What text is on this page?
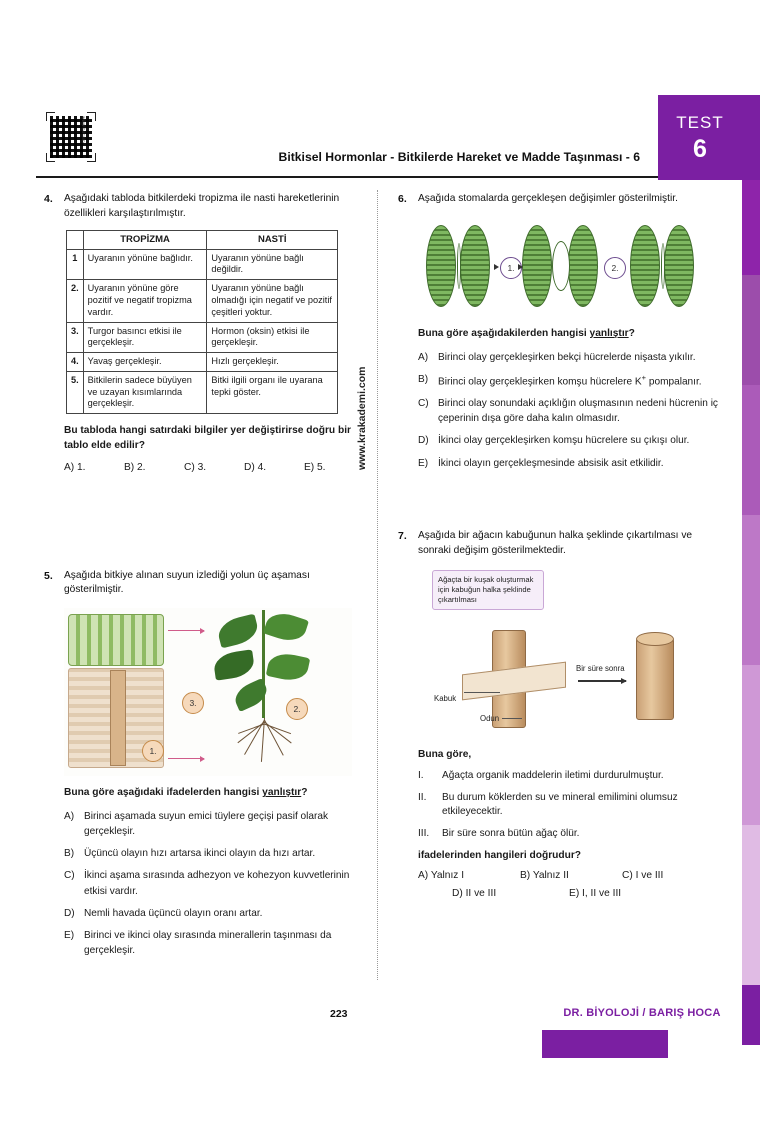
TEST
6
www.hocam
Bitkisel Hormonlar - Bitkilerde Hareket ve Madde Taşınması - 6
www.krakademi.com
4.	Aşağıdaki tabloda bitkilerdeki tropizma ile nasti hareketlerinin özellikleri karşılaştırılmıştır.
	TROPİZMA	NASTİ
1	Uyaranın yönüne bağlıdır.	Uyaranın yönüne bağlı değildir.
2.	Uyaranın yönüne göre pozitif ve negatif tropizma vardır.	Uyaranın yönüne bağlı olmadığı için negatif ve pozitif çeşitleri yoktur.
3.	Turgor basıncı etkisi ile gerçekleşir.	Hormon (oksin) etkisi ile gerçekleşir.
4.	Yavaş gerçekleşir.	Hızlı gerçekleşir.
5.	Bitkilerin sadece büyüyen ve uzayan kısımlarında gerçekleşir.	Bitki ilgili organı ile uyarana tepki göster.
Bu tabloda hangi satırdaki bilgiler yer değiştirirse doğru bir tablo elde edilir?
A) 1.	B) 2.	C) 3.	D) 4.	E) 5.
5.	Aşağıda bitkiye alınan suyun izlediği yolun üç aşaması gösterilmiştir.
1.
2.
3.
Buna göre aşağıdaki ifadelerden hangisi yanlıştır?
A) Birinci aşamada suyun emici tüylere geçişi pasif olarak gerçekleşir.
B) Üçüncü olayın hızı artarsa ikinci olayın da hızı artar.
C) İkinci aşama sırasında adhezyon ve kohezyon kuvvetlerinin etkisi vardır.
D) Nemli havada üçüncü olayın oranı artar.
E) Birinci ve ikinci olay sırasında minerallerin taşınması da gerçekleşir.
6.	Aşağıda stomalarda gerçekleşen değişimler gösterilmiştir.
1.	2.
Buna göre aşağıdakilerden hangisi yanlıştır?
A) Birinci olay gerçekleşirken bekçi hücrelerde nişasta yıkılır.
B) Birinci olay gerçekleşirken komşu hücrelere K+ pompalanır.
C) Birinci olay sonundaki açıklığın oluşmasının nedeni hücrenin iç çeperinin dışa göre daha kalın olmasıdır.
D) İkinci olay gerçekleşirken komşu hücrelere su çıkışı olur.
E) İkinci olayın gerçekleşmesinde absisik asit etkilidir.
7.	Aşağıda bir ağacın kabuğunun halka şeklinde çıkartılması ve sonraki değişim gösterilmektedir.
Ağaçta bir kuşak oluşturmak için kabuğun halka şeklinde çıkartılması
Kabuk
Odun
Bir süre sonra
Buna göre,
I.	Ağaçta organik maddelerin iletimi durdurulmuştur.
II.	Bu durum köklerden su ve mineral emilimini olumsuz etkileyecektir.
III.	Bir süre sonra bütün ağaç ölür.
ifadelerinden hangileri doğrudur?
A) Yalnız I	B) Yalnız II	C) I ve III
D) II ve III	E) I, II ve III
223	DR. BİYOLOJİ / BARIŞ HOCA
